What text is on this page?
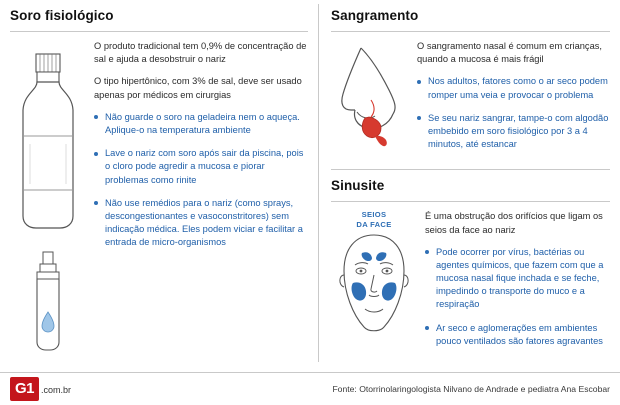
Soro fisiológico

O produto tradicional tem 0,9% de concentração de sal e ajuda a desobstruir o nariz

O tipo hipertônico, com 3% de sal, deve ser usado apenas por médicos em cirurgias

Não guarde o soro na geladeira nem o aqueça. Aplique-o na temperatura ambiente
Lave o nariz com soro após sair da piscina, pois o cloro pode agredir a mucosa e piorar problemas como rinite
Não use remédios para o nariz (como sprays, descongestionantes e vasoconstritores) sem indicação médica. Eles podem viciar e facilitar a entrada de micro-organismos
Sangramento

O sangramento nasal é comum em crianças, quando a mucosa é mais frágil

Nos adultos, fatores como o ar seco podem romper uma veia e provocar o problema
Se seu nariz sangrar, tampe-o com algodão embebido em soro fisiológico por 3 a 4 minutos, até estancar
Sinusite
SEIOS
DA FACE

É uma obstrução dos orifícios que ligam os seios da face ao nariz

Pode ocorrer por vírus, bactérias ou agentes químicos, que fazem com que a mucosa nasal fique inchada e se feche, impedindo o transporte do muco e a respiração
Ar seco e aglomerações em ambientes pouco ventilados são fatores agravantes
G1 .com.br	Fonte: Otorrinolaringologista Nilvano de Andrade e pediatra Ana Escobar
